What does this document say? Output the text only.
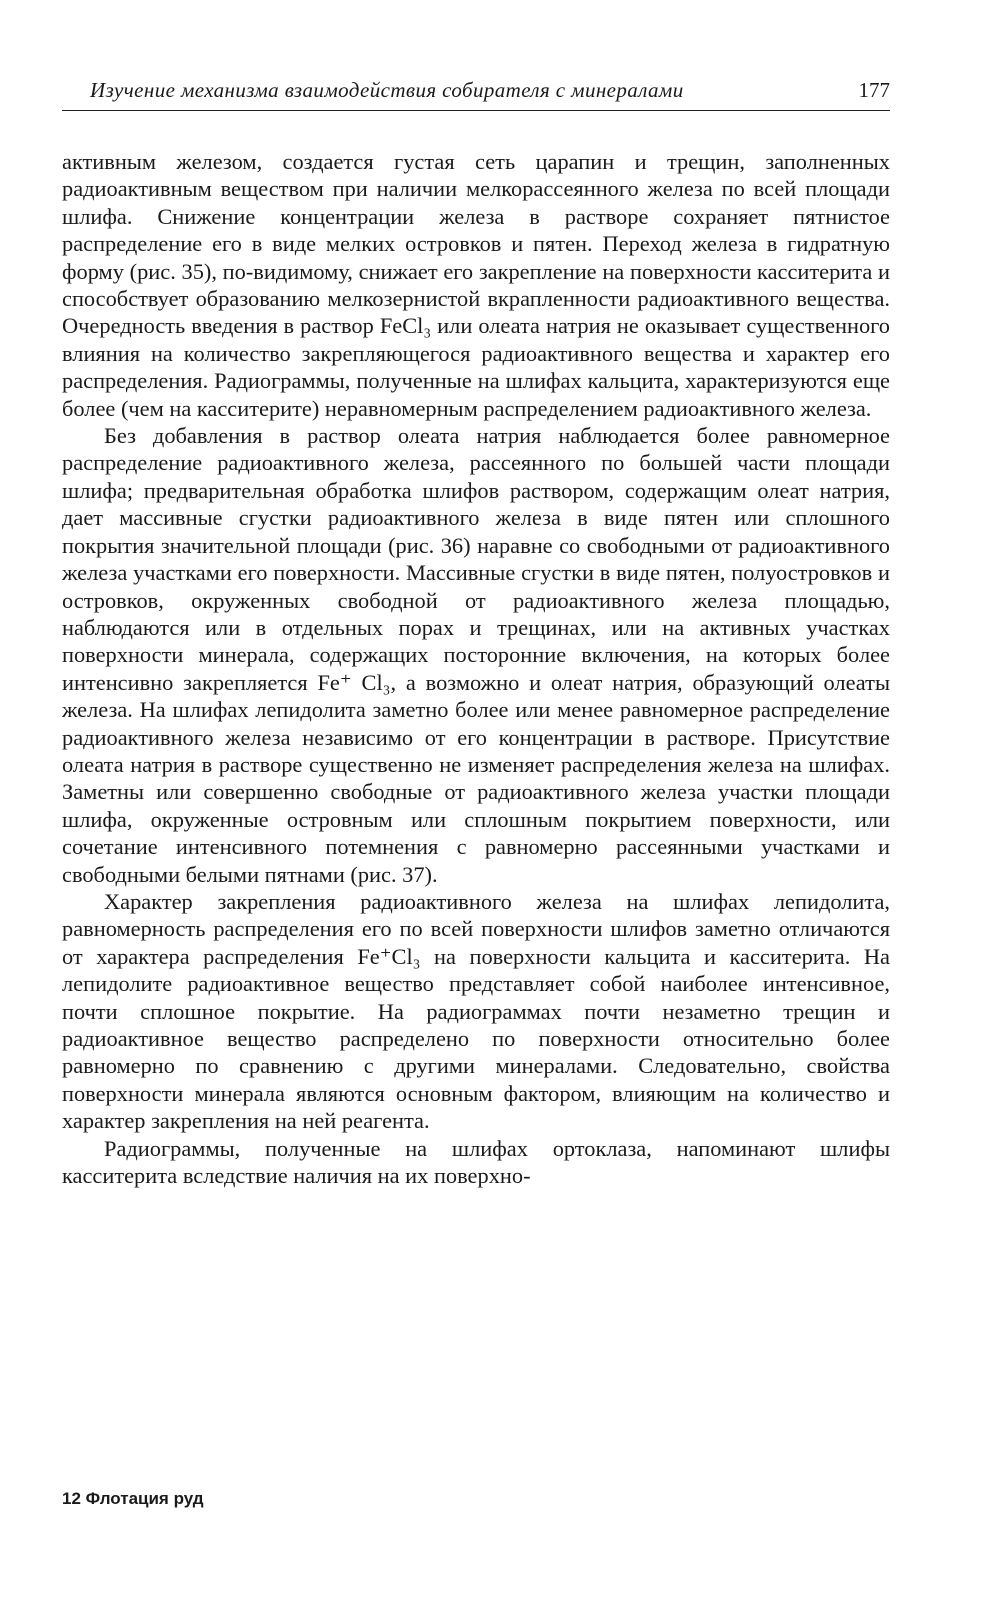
Изучение механизма взаимодействия собирателя с минералами	177

активным железом, создается густая сеть царапин и трещин, заполненных радиоактивным веществом при наличии мелкорассеянного железа по всей площади шлифа. Снижение концентрации железа в растворе сохраняет пятнистое распределение его в виде мелких островков и пятен. Переход железа в гидратную форму (рис. 35), по-видимому, снижает его закрепление на поверхности касситерита и способствует образованию мелкозернистой вкрапленности радиоактивного вещества. Очередность введения в раствор FeCl₃ или олеата натрия не оказывает существенного влияния на количество закрепляющегося радиоактивного вещества и характер его распределения. Радиограммы, полученные на шлифах кальцита, характеризуются еще более (чем на касситерите) неравномерным распределением радиоактивного железа.

Без добавления в раствор олеата натрия наблюдается более равномерное распределение радиоактивного железа, рассеянного по большей части площади шлифа; предварительная обработка шлифов раствором, содержащим олеат натрия, дает массивные сгустки радиоактивного железа в виде пятен или сплошного покрытия значительной площади (рис. 36) наравне со свободными от радиоактивного железа участками его поверхности. Массивные сгустки в виде пятен, полуостровков и островков, окруженных свободной от радиоактивного железа площадью, наблюдаются или в отдельных порах и трещинах, или на активных участках поверхности минерала, содержащих посторонние включения, на которых более интенсивно закрепляется Fe⁺ Cl₃, а возможно и олеат натрия, образующий олеаты железа. На шлифах лепидолита заметно более или менее равномерное распределение радиоактивного железа независимо от его концентрации в растворе. Присутствие олеата натрия в растворе существенно не изменяет распределения железа на шлифах. Заметны или совершенно свободные от радиоактивного железа участки площади шлифа, окруженные островным или сплошным покрытием поверхности, или сочетание интенсивного потемнения с равномерно рассеянными участками и свободными белыми пятнами (рис. 37).

Характер закрепления радиоактивного железа на шлифах лепидолита, равномерность распределения его по всей поверхности шлифов заметно отличаются от характера распределения Fe⁺Cl₃ на поверхности кальцита и касситерита. На лепидолите радиоактивное вещество представляет собой наиболее интенсивное, почти сплошное покрытие. На радиограммах почти незаметно трещин и радиоактивное вещество распределено по поверхности относительно более равномерно по сравнению с другими минералами. Следовательно, свойства поверхности минерала являются основным фактором, влияющим на количество и характер закрепления на ней реагента.

Радиограммы, полученные на шлифах ортоклаза, напоминают шлифы касситерита вследствие наличия на их поверхно-

12 Флотация руд
